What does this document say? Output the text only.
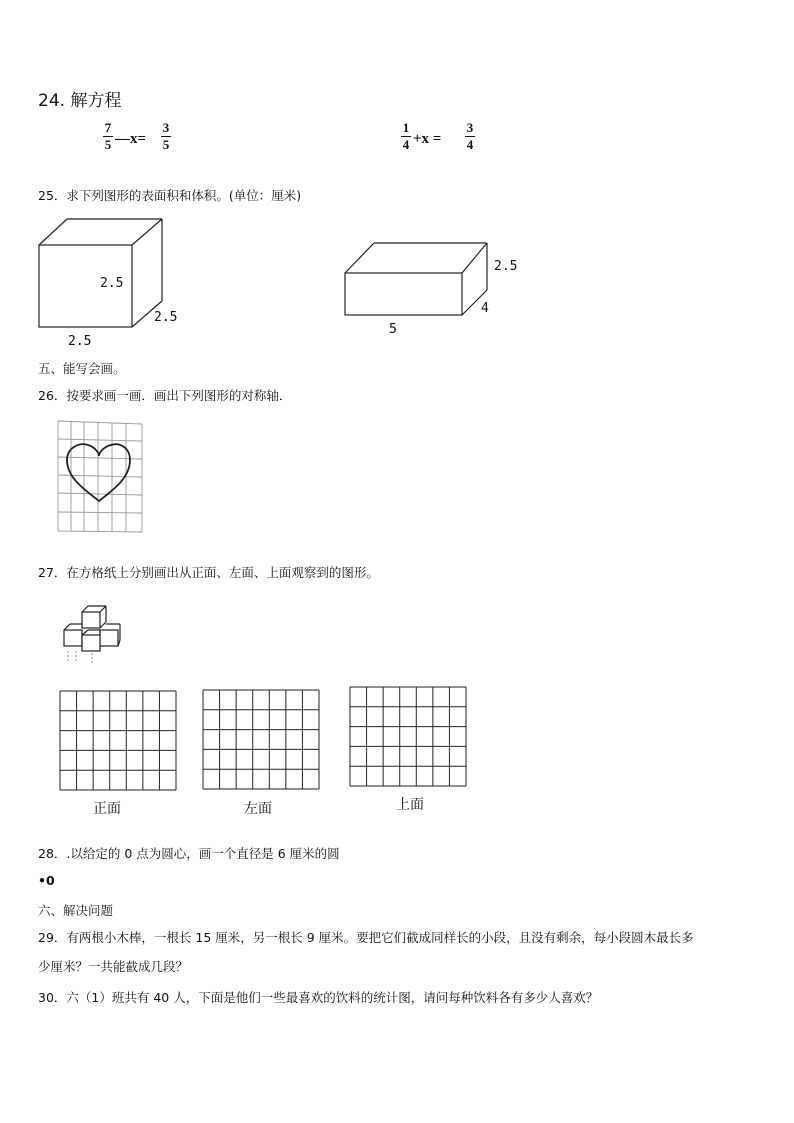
24. 解方程
7
5 —x=
3
5
1
4 +x =
3
4
25．求下列图形的表面积和体积。(单位：厘米)
2.5
2.5
2.5
2.5
4
5
五、能写会画。
26．按要求画一画．画出下列图形的对称轴．
27．在方格纸上分别画出从正面、左面、上面观察到的图形。
正面	左面	上面
28．.以给定的 0 点为圆心，画一个直径是 6 厘米的圆
•0
六、解决问题
29．有两根小木棒，一根长 15 厘米，另一根长 9 厘米。要把它们截成同样长的小段，且没有剩余，每小段圆木最长多
少厘米？一共能截成几段？
30．六（1）班共有 40 人，下面是他们一些最喜欢的饮料的统计图，请问每种饮料各有多少人喜欢？
